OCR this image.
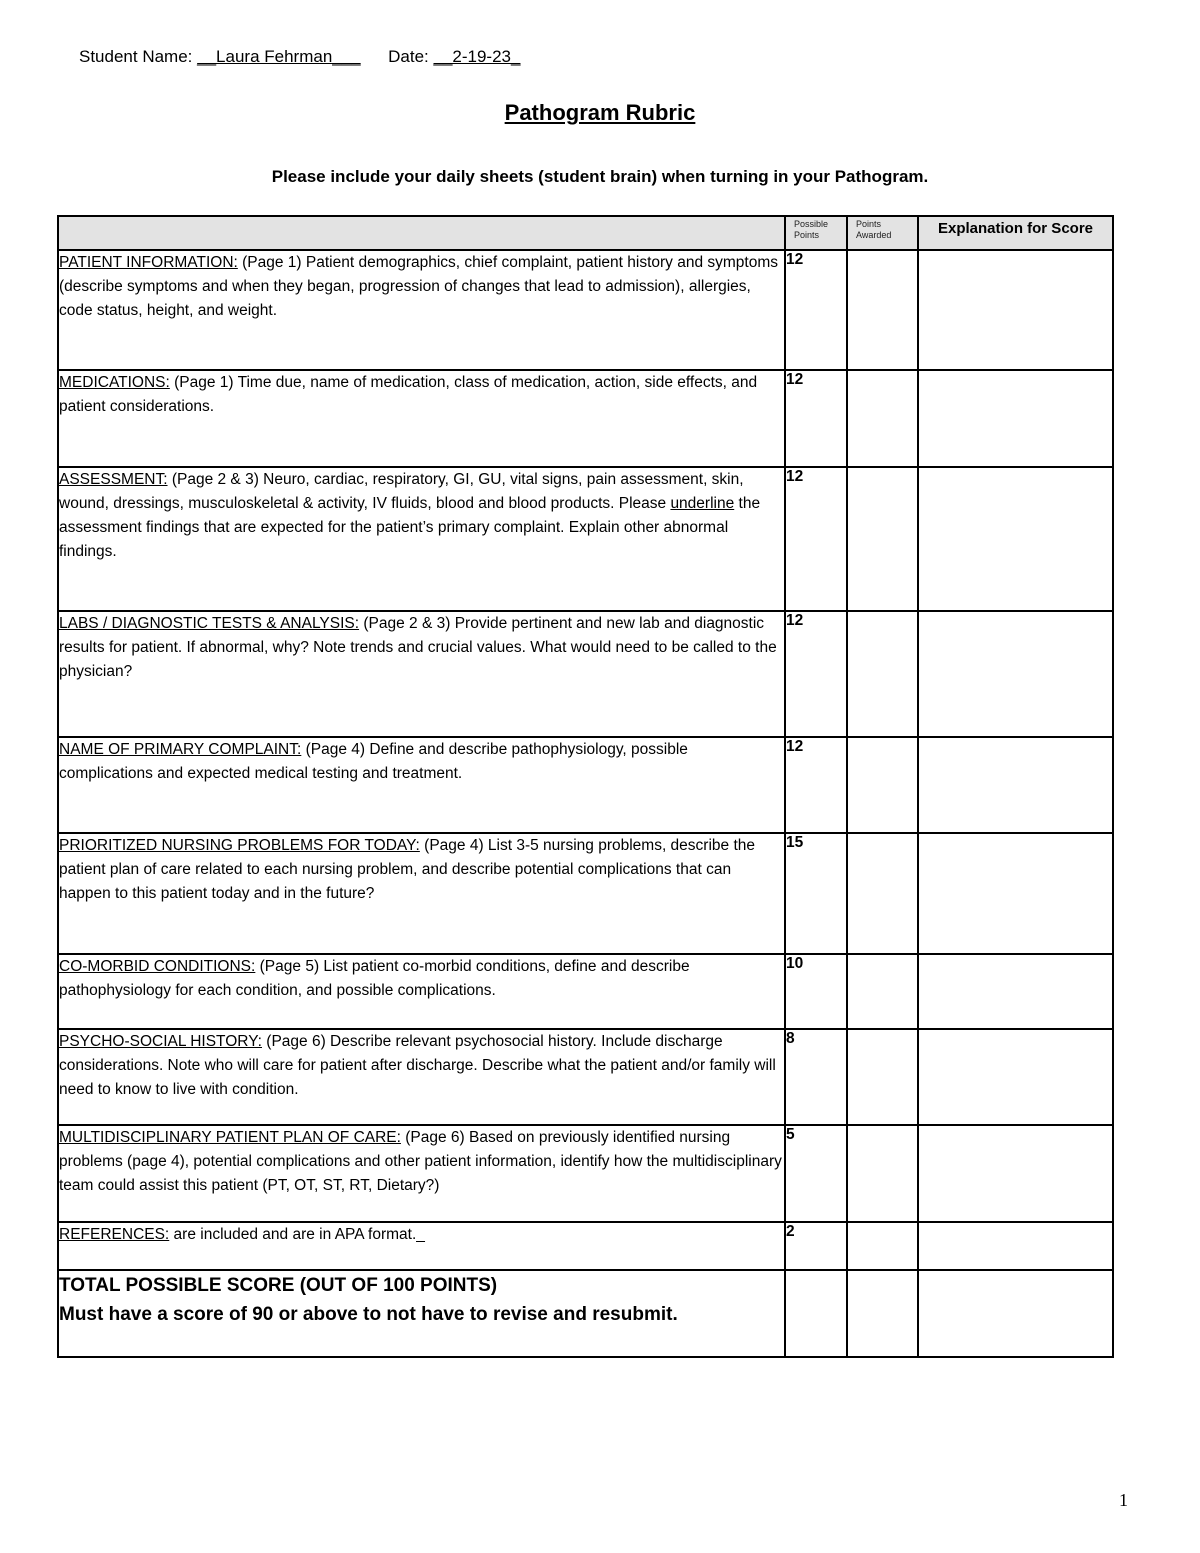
Student Name: __Laura Fehrman___ Date: __2-19-23_
Pathogram Rubric
Please include your daily sheets (student brain) when turning in your Pathogram.
	Possible Points	Points Awarded	Explanation for Score
PATIENT INFORMATION: (Page 1) Patient demographics, chief complaint, patient history and symptoms (describe symptoms and when they began, progression of changes that lead to admission), allergies, code status, height, and weight.	12		
MEDICATIONS: (Page 1) Time due, name of medication, class of medication, action, side effects, and patient considerations.	12		
ASSESSMENT: (Page 2 & 3) Neuro, cardiac, respiratory, GI, GU, vital signs, pain assessment, skin, wound, dressings, musculoskeletal & activity, IV fluids, blood and blood products. Please underline the assessment findings that are expected for the patient’s primary complaint. Explain other abnormal findings.	12		
LABS / DIAGNOSTIC TESTS & ANALYSIS: (Page 2 & 3) Provide pertinent and new lab and diagnostic results for patient. If abnormal, why? Note trends and crucial values. What would need to be called to the physician?	12		
NAME OF PRIMARY COMPLAINT: (Page 4) Define and describe pathophysiology, possible complications and expected medical testing and treatment.	12		
PRIORITIZED NURSING PROBLEMS FOR TODAY: (Page 4) List 3-5 nursing problems, describe the patient plan of care related to each nursing problem, and describe potential complications that can happen to this patient today and in the future?	15		
CO-MORBID CONDITIONS: (Page 5) List patient co-morbid conditions, define and describe pathophysiology for each condition, and possible complications.	10		
PSYCHO-SOCIAL HISTORY: (Page 6) Describe relevant psychosocial history. Include discharge considerations. Note who will care for patient after discharge. Describe what the patient and/or family will need to know to live with condition.	8		
MULTIDISCIPLINARY PATIENT PLAN OF CARE: (Page 6) Based on previously identified nursing problems (page 4), potential complications and other patient information, identify how the multidisciplinary team could assist this patient (PT, OT, ST, RT, Dietary?)	5		
REFERENCES: are included and are in APA format._	2		

TOTAL POSSIBLE SCORE (OUT OF 100 POINTS)
Must have a score of 90 or above to not have to revise and resubmit.			

1
